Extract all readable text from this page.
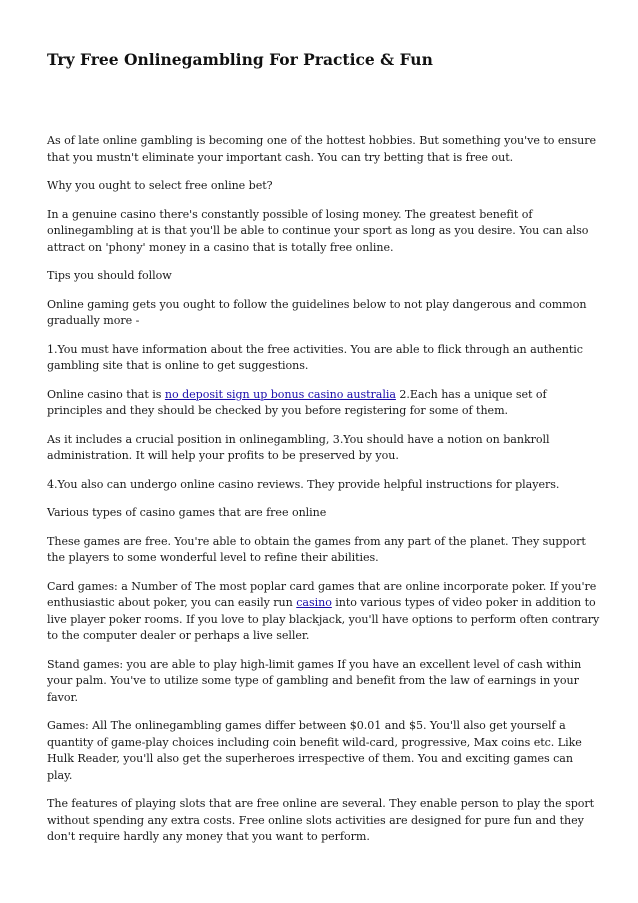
Try Free Onlinegambling For Practice & Fun

As of late online gambling is becoming one of the hottest hobbies. But something you've to ensure that you mustn't eliminate your important cash. You can try betting that is free out.

Why you ought to select free online bet?

In a genuine casino there's constantly possible of losing money. The greatest benefit of onlinegambling at is that you'll be able to continue your sport as long as you desire. You can also attract on 'phony' money in a casino that is totally free online.

Tips you should follow

Online gaming gets you ought to follow the guidelines below to not play dangerous and common gradually more -

1.You must have information about the free activities. You are able to flick through an authentic gambling site that is online to get suggestions.

Online casino that is no deposit sign up bonus casino australia 2.Each has a unique set of principles and they should be checked by you before registering for some of them.

As it includes a crucial position in onlinegambling, 3.You should have a notion on bankroll administration. It will help your profits to be preserved by you.

4.You also can undergo online casino reviews. They provide helpful instructions for players.

Various types of casino games that are free online

These games are free. You're able to obtain the games from any part of the planet. They support the players to some wonderful level to refine their abilities.

Card games: a Number of The most poplar card games that are online incorporate poker. If you're enthusiastic about poker, you can easily run casino into various types of video poker in addition to live player poker rooms. If you love to play blackjack, you'll have options to perform often contrary to the computer dealer or perhaps a live seller.

Stand games: you are able to play high-limit games If you have an excellent level of cash within your palm. You've to utilize some type of gambling and benefit from the law of earnings in your favor.

Games: All The onlinegambling games differ between $0.01 and $5. You'll also get yourself a quantity of game-play choices including coin benefit wild-card, progressive, Max coins etc. Like Hulk Reader, you'll also get the superheroes irrespective of them. You and exciting games can play.

The features of playing slots that are free online are several. They enable person to play the sport without spending any extra costs. Free online slots activities are designed for pure fun and they don't require hardly any money that you want to perform.
